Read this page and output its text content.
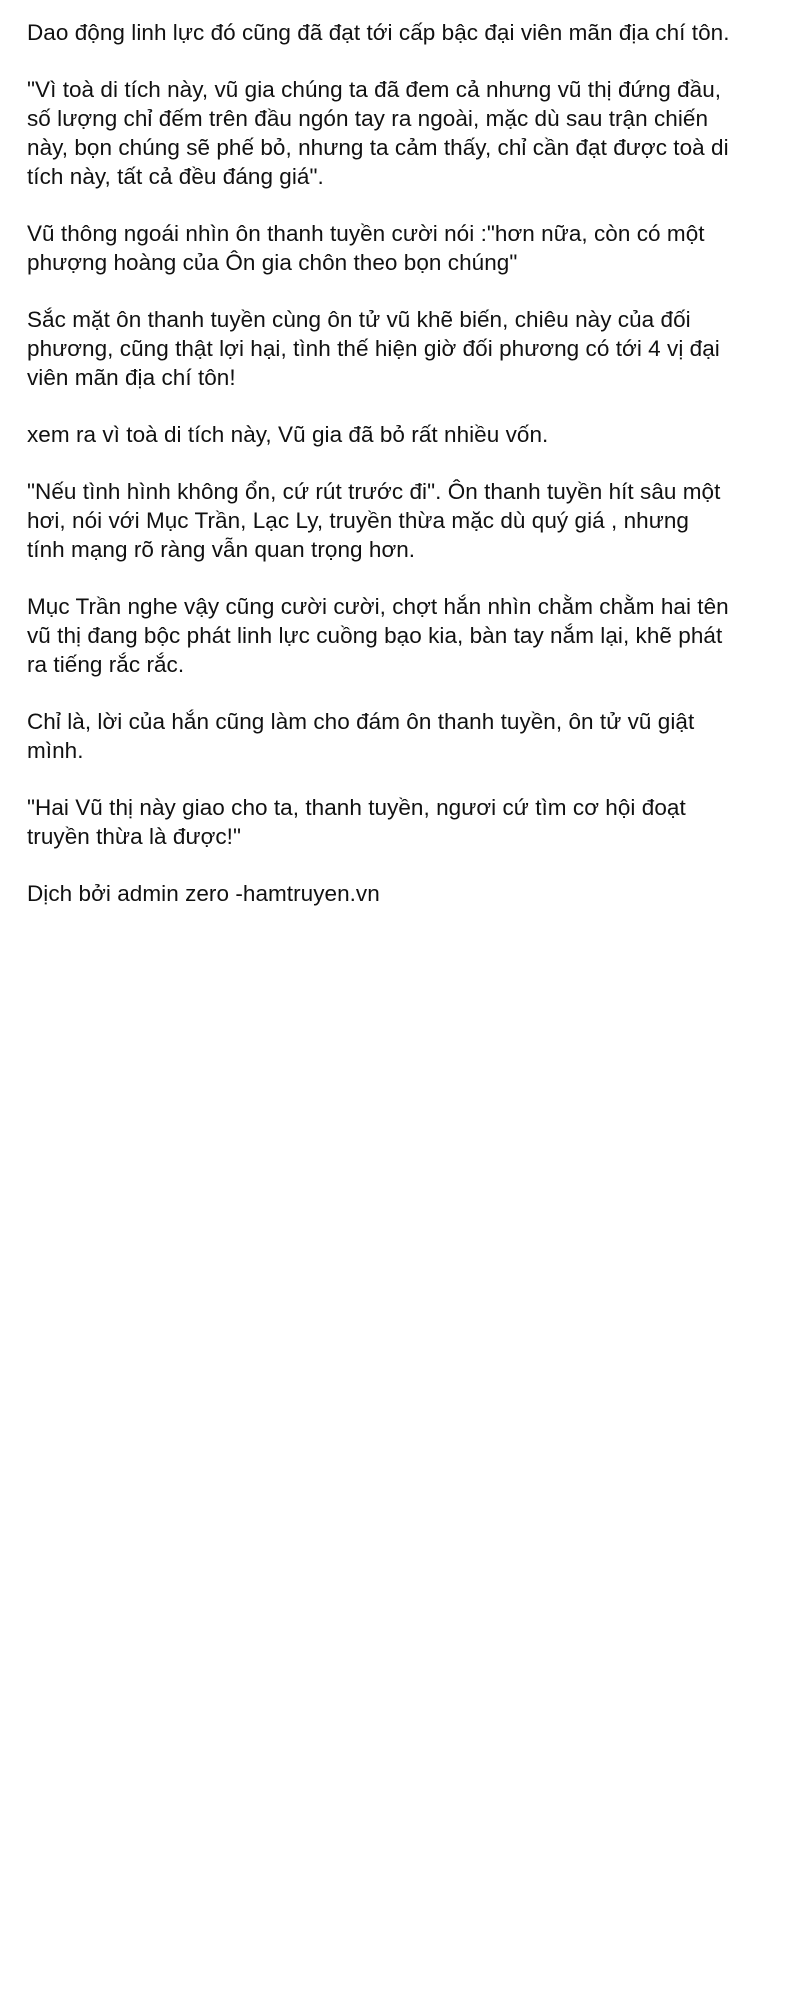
Dao động linh lực đó cũng đã đạt tới cấp bậc đại viên mãn địa chí tôn.

"Vì toà di tích này, vũ gia chúng ta đã đem cả nhưng vũ thị đứng đầu,
số lượng chỉ đếm trên đầu ngón tay ra ngoài, mặc dù sau trận chiến
này, bọn chúng sẽ phế bỏ, nhưng ta cảm thấy, chỉ cần đạt được toà di
tích này, tất cả đều đáng giá".

Vũ thông ngoái nhìn ôn thanh tuyền cười nói :"hơn nữa, còn có một
phượng hoàng của Ôn gia chôn theo bọn chúng"

Sắc mặt ôn thanh tuyền cùng ôn tử vũ khẽ biến, chiêu này của đối
phương, cũng thật lợi hại, tình thế hiện giờ đối phương có tới 4 vị đại
viên mãn địa chí tôn!

xem ra vì toà di tích này, Vũ gia đã bỏ rất nhiều vốn.

"Nếu tình hình không ổn, cứ rút trước đi". Ôn thanh tuyền hít sâu một
hơi, nói với Mục Trần, Lạc Ly, truyền thừa mặc dù quý giá , nhưng
tính mạng rõ ràng vẫn quan trọng hơn.

Mục Trần nghe vậy cũng cười cười, chợt hắn nhìn chằm chằm hai tên
vũ thị đang bộc phát linh lực cuồng bạo kia, bàn tay nắm lại, khẽ phát
ra tiếng rắc rắc.

Chỉ là, lời của hắn cũng làm cho đám ôn thanh tuyền, ôn tử vũ giật
mình.

"Hai Vũ thị này giao cho ta, thanh tuyền, ngươi cứ tìm cơ hội đoạt
truyền thừa là được!"

Dịch bởi admin zero -hamtruyen.vn
